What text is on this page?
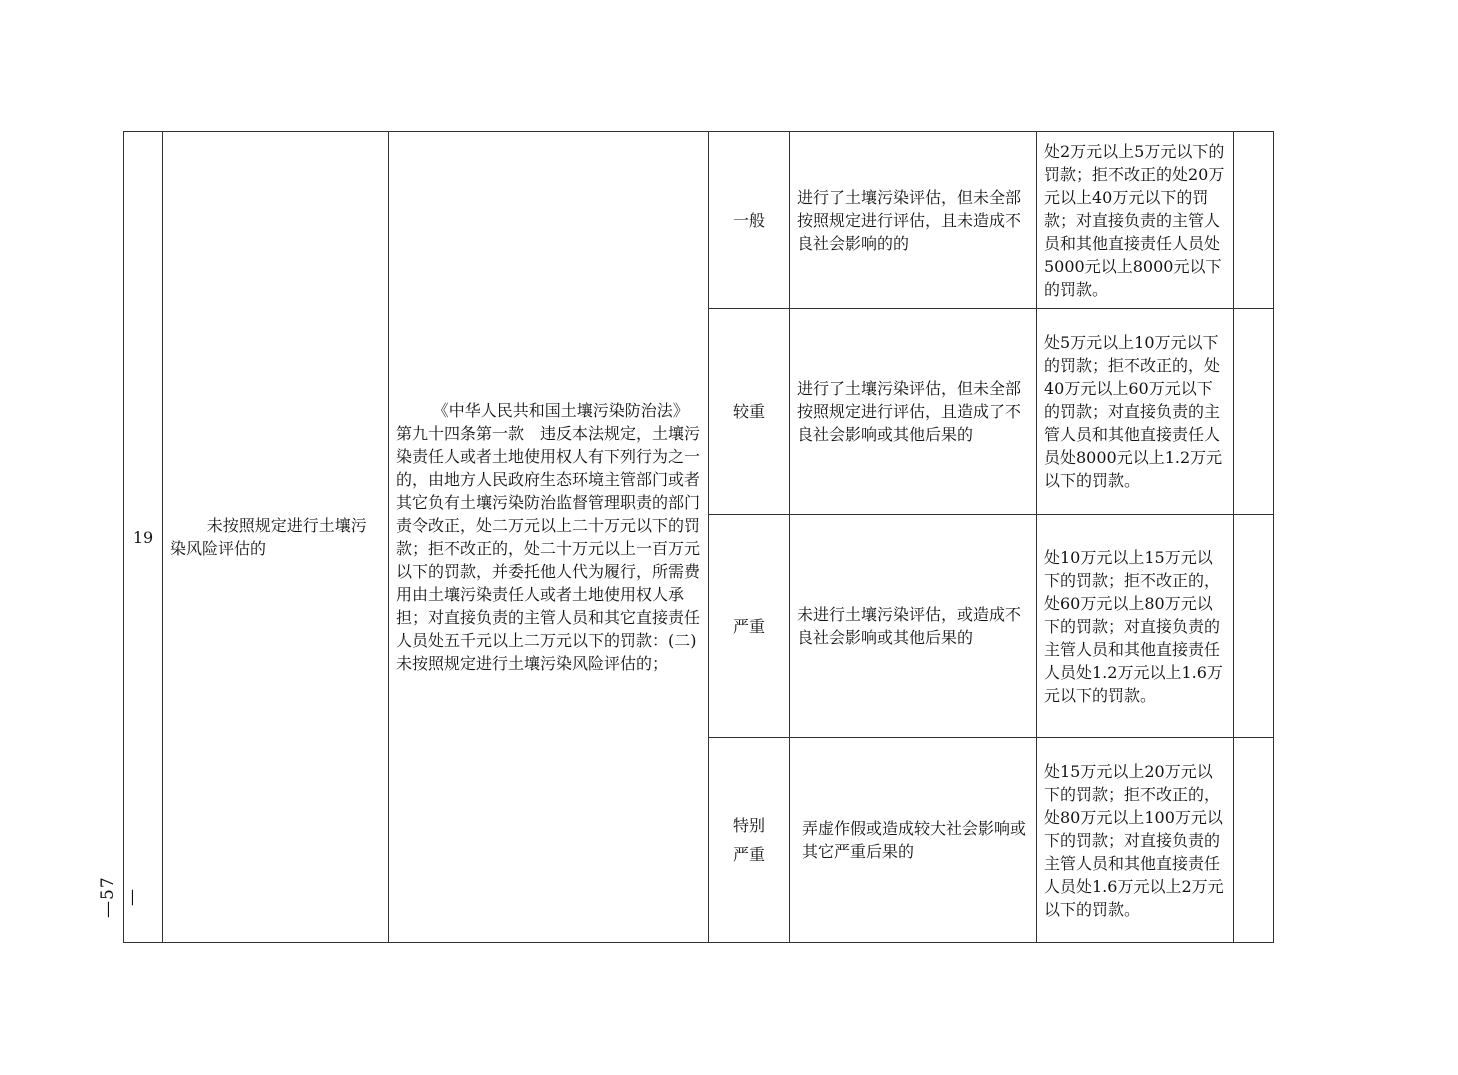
—57—
19	未按照规定进行土壤污染风险评估的	《中华人民共和国土壤污染防治法》第九十四条第一款　违反本法规定，土壤污染责任人或者土地使用权人有下列行为之一的，由地方人民政府生态环境主管部门或者其它负有土壤污染防治监督管理职责的部门责令改正，处二万元以上二十万元以下的罚款；拒不改正的，处二十万元以上一百万元以下的罚款，并委托他人代为履行，所需费用由土壤污染责任人或者土地使用权人承担；对直接负责的主管人员和其它直接责任人员处五千元以上二万元以下的罚款：(二)未按照规定进行土壤污染风险评估的；	一般	进行了土壤污染评估，但未全部按照规定进行评估，且未造成不良社会影响的的	处2万元以上5万元以下的罚款；拒不改正的处20万元以上40万元以下的罚款；对直接负责的主管人员和其他直接责任人员处5000元以上8000元以下的罚款。	
			较重	进行了土壤污染评估，但未全部按照规定进行评估，且造成了不良社会影响或其他后果的	处5万元以上10万元以下的罚款；拒不改正的，处40万元以上60万元以下的罚款；对直接负责的主管人员和其他直接责任人员处8000元以上1.2万元以下的罚款。	
			严重	未进行土壤污染评估，或造成不良社会影响或其他后果的	处10万元以上15万元以下的罚款；拒不改正的，处60万元以上80万元以下的罚款；对直接负责的主管人员和其他直接责任人员处1.2万元以上1.6万元以下的罚款。	
			特别严重	弄虚作假或造成较大社会影响或其它严重后果的	处15万元以上20万元以下的罚款；拒不改正的，处80万元以上100万元以下的罚款；对直接负责的主管人员和其他直接责任人员处1.6万元以上2万元以下的罚款。	
